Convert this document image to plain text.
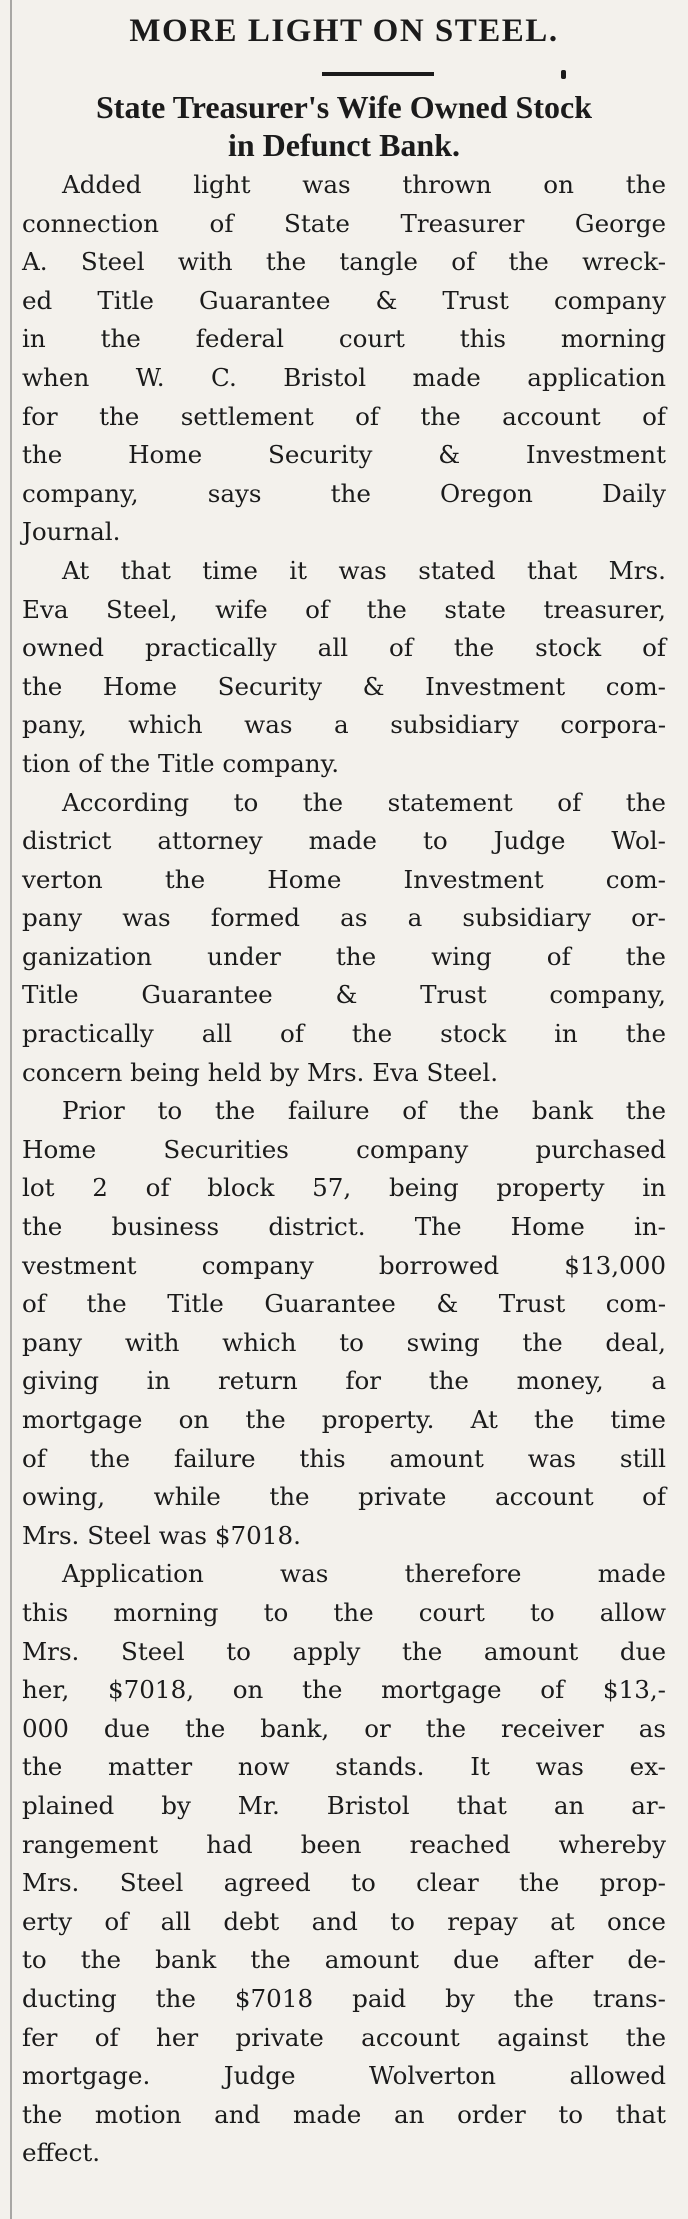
MORE LIGHT ON STEEL.

State Treasurer's Wife Owned Stock

in Defunct Bank.

Added light was thrown on the
connection of State Treasurer George
A. Steel with the tangle of the wreck-
ed Title Guarantee & Trust company
in the federal court this morning
when W. C. Bristol made application
for the settlement of the account of
the Home Security & Investment
company, says the Oregon Daily
Journal.
At that time it was stated that Mrs.
Eva Steel, wife of the state treasurer,
owned practically all of the stock of
the Home Security & Investment com-
pany, which was a subsidiary corpora-
tion of the Title company.
According to the statement of the
district attorney made to Judge Wol-
verton the Home Investment com-
pany was formed as a subsidiary or-
ganization under the wing of the
Title Guarantee & Trust company,
practically all of the stock in the
concern being held by Mrs. Eva Steel.
Prior to the failure of the bank the
Home Securities company purchased
lot 2 of block 57, being property in
the business district. The Home in-
vestment company borrowed $13,000
of the Title Guarantee & Trust com-
pany with which to swing the deal,
giving in return for the money, a
mortgage on the property. At the time
of the failure this amount was still
owing, while the private account of
Mrs. Steel was $7018.
Application was therefore made
this morning to the court to allow
Mrs. Steel to apply the amount due
her, $7018, on the mortgage of $13,-
000 due the bank, or the receiver as
the matter now stands. It was ex-
plained by Mr. Bristol that an ar-
rangement had been reached whereby
Mrs. Steel agreed to clear the prop-
erty of all debt and to repay at once
to the bank the amount due after de-
ducting the $7018 paid by the trans-
fer of her private account against the
mortgage. Judge Wolverton allowed
the motion and made an order to that
effect.
